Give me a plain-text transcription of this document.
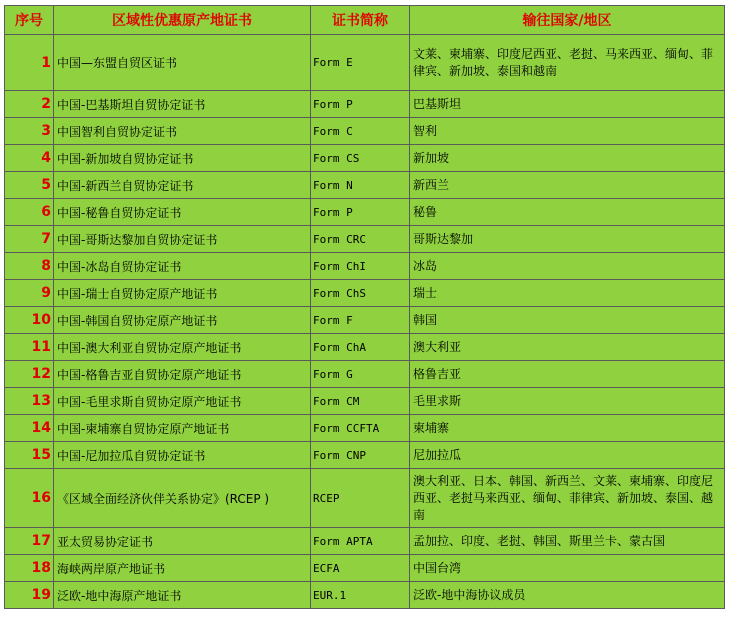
序号	区域性优惠原产地证书	证书简称	输往国家/地区
1	中国—东盟自贸区证书	Form E	文莱、柬埔寨、印度尼西亚、老挝、马来西亚、缅甸、菲律宾、新加坡、泰国和越南
2	中国-巴基斯坦自贸协定证书	Form P	巴基斯坦
3	中国智利自贸协定证书	Form C	智利
4	中国-新加坡自贸协定证书	Form CS	新加坡
5	中国-新西兰自贸协定证书	Form N	新西兰
6	中国-秘鲁自贸协定证书	Form P	秘鲁
7	中国-哥斯达黎加自贸协定证书	Form CRC	哥斯达黎加
8	中国-冰岛自贸协定证书	Form ChI	冰岛
9	中国-瑞士自贸协定原产地证书	Form ChS	瑞士
10	中国-韩国自贸协定原产地证书	Form F	韩国
11	中国-澳大利亚自贸协定原产地证书	Form ChA	澳大利亚
12	中国-格鲁吉亚自贸协定原产地证书	Form G	格鲁吉亚
13	中国-毛里求斯自贸协定原产地证书	Form CM	毛里求斯
14	中国-柬埔寨自贸协定原产地证书	Form CCFTA	柬埔寨
15	中国-尼加拉瓜自贸协定证书	Form CNP	尼加拉瓜
16	《区域全面经济伙伴关系协定》(RCEP )	RCEP	澳大利亚、日本、韩国、新西兰、文莱、柬埔寨、印度尼西亚、老挝马来西亚、缅甸、菲律宾、新加坡、泰国、越南
17	亚太贸易协定证书	Form APTA	孟加拉、印度、老挝、韩国、斯里兰卡、蒙古国
18	海峡两岸原产地证书	ECFA	中国台湾
19	泛欧-地中海原产地证书	EUR.1	泛欧-地中海协议成员
